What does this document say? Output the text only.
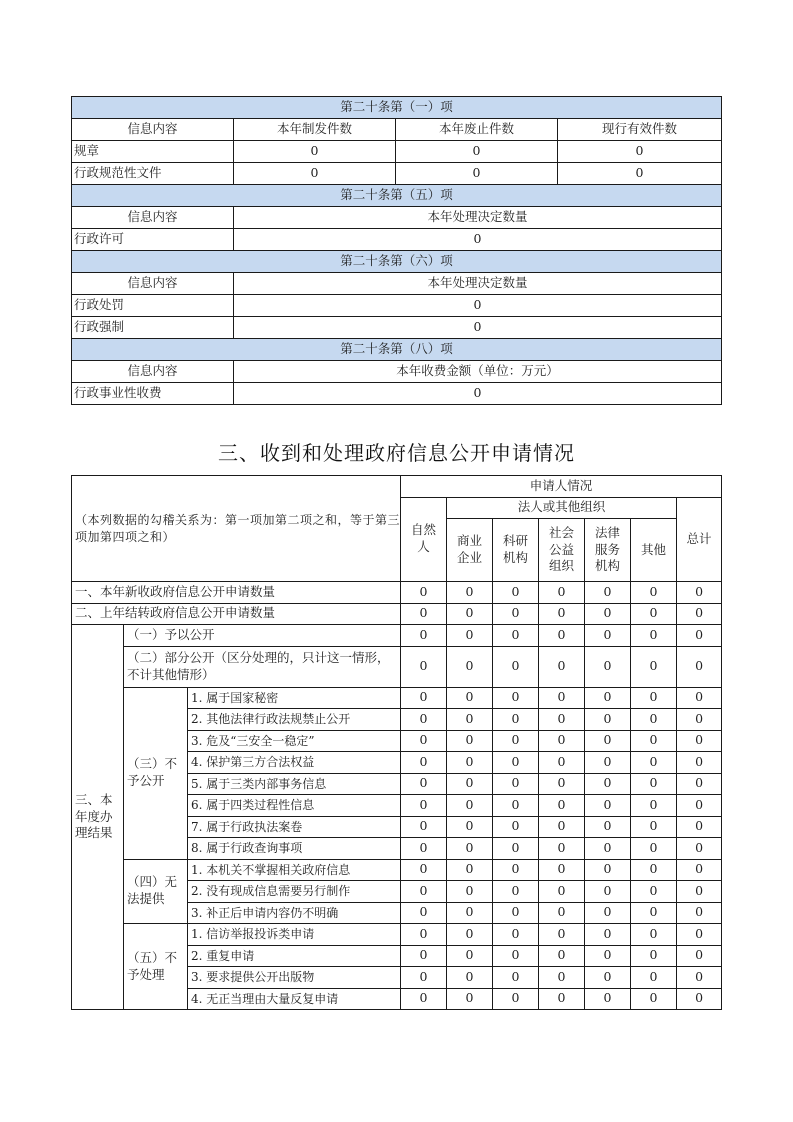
第二十条第（一）项			
信息内容	本年制发件数	本年废止件数	现行有效件数
规章	0	0	0
行政规范性文件	0	0	0
第二十条第（五）项			
信息内容	本年处理决定数量		
行政许可	0		
第二十条第（六）项			
信息内容	本年处理决定数量		
行政处罚	0		
行政强制	0		
第二十条第（八）项			
信息内容	本年收费金额（单位：万元）		
行政事业性收费	0		
三、收到和处理政府信息公开申请情况
（本列数据的勾稽关系为：第一项加第二项之和，等于第三项加第四项之和）			申请人情况						
			自然人	法人或其他组织					总计
				商业企业	科研机构	社会公益组织	法律服务机构	其他	

一、本年新收政府信息公开申请数量			0	0	0	0	0	0	0
二、上年结转政府信息公开申请数量			0	0	0	0	0	0	0
三、本年度办理结果	（一）予以公开		0	0	0	0	0	0	0
	（二）部分公开（区分处理的，只计这一情形，不计其他情形）		0	0	0	0	0	0	0
	（三）不予公开	1. 属于国家秘密	0	0	0	0	0	0	0
		2. 其他法律行政法规禁止公开	0	0	0	0	0	0	0
		3. 危及“三安全一稳定”	0	0	0	0	0	0	0
		4. 保护第三方合法权益	0	0	0	0	0	0	0
		5. 属于三类内部事务信息	0	0	0	0	0	0	0
		6. 属于四类过程性信息	0	0	0	0	0	0	0
		7. 属于行政执法案卷	0	0	0	0	0	0	0
		8. 属于行政查询事项	0	0	0	0	0	0	0
	（四）无法提供	1. 本机关不掌握相关政府信息	0	0	0	0	0	0	0
		2. 没有现成信息需要另行制作	0	0	0	0	0	0	0
		3. 补正后申请内容仍不明确	0	0	0	0	0	0	0
	（五）不予处理	1. 信访举报投诉类申请	0	0	0	0	0	0	0
		2. 重复申请	0	0	0	0	0	0	0
		3. 要求提供公开出版物	0	0	0	0	0	0	0
		4. 无正当理由大量反复申请	0	0	0	0	0	0	0
